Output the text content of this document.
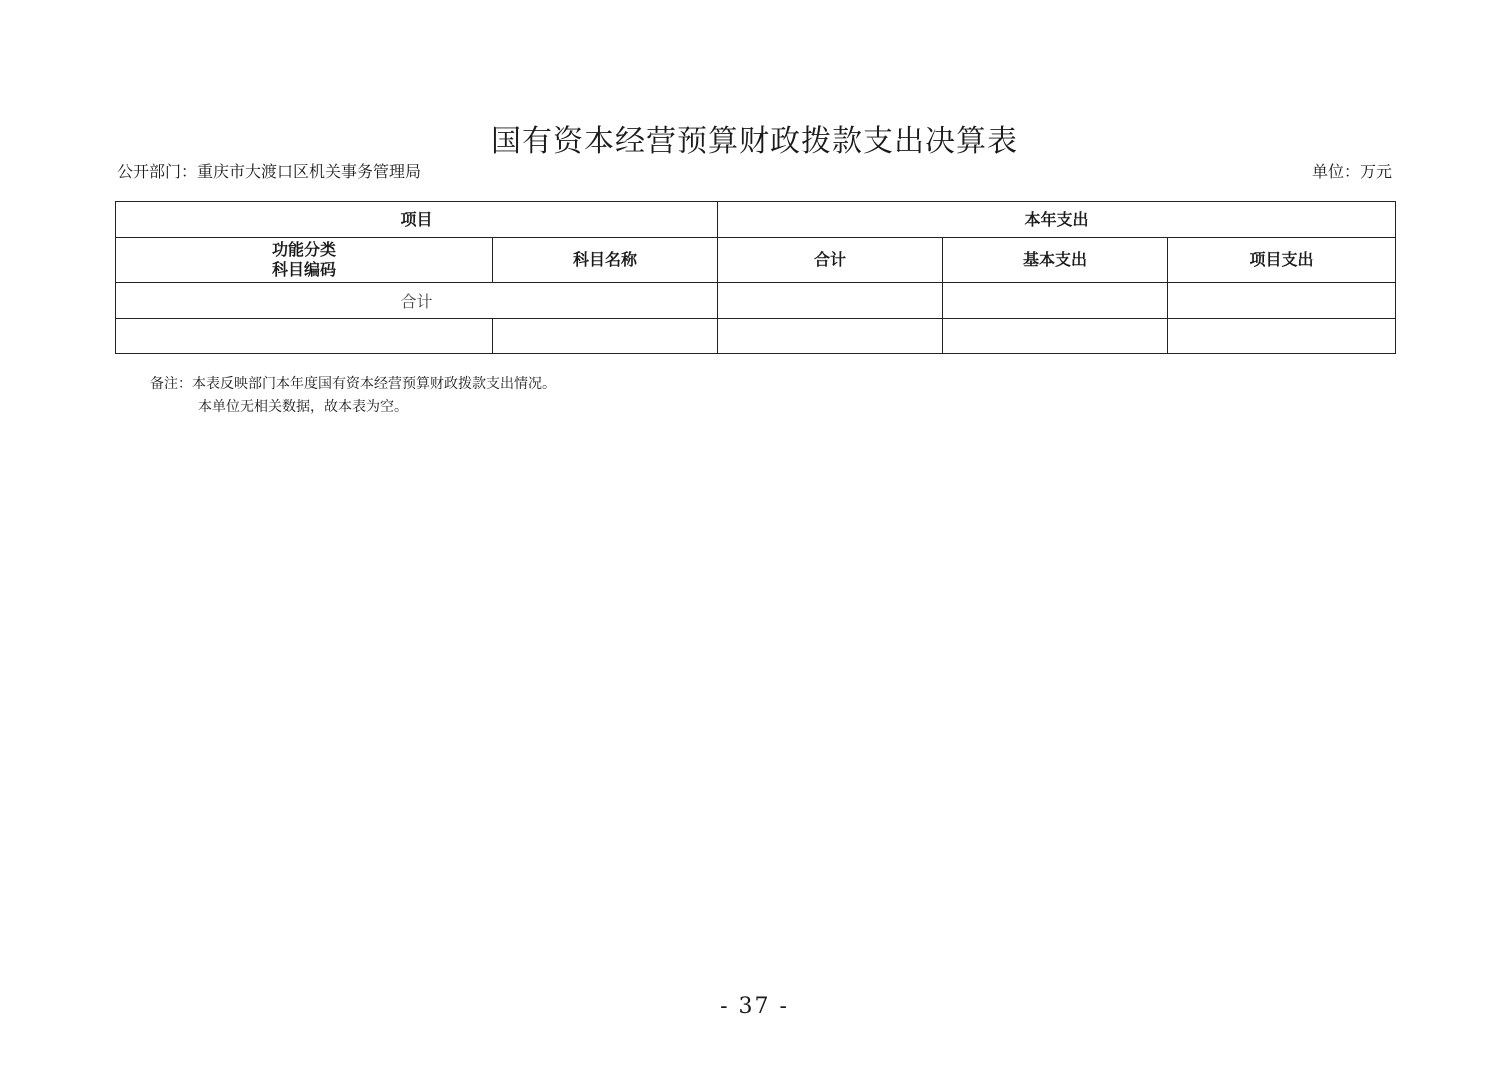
国有资本经营预算财政拨款支出决算表
公开部门：重庆市大渡口区机关事务管理局	单位：万元
项目		本年支出		

功能分类
科目编码	科目名称	合计	基本支出	项目支出
合计				

备注：本表反映部门本年度国有资本经营预算财政拨款支出情况。
本单位无相关数据，故本表为空。
- 37 -
